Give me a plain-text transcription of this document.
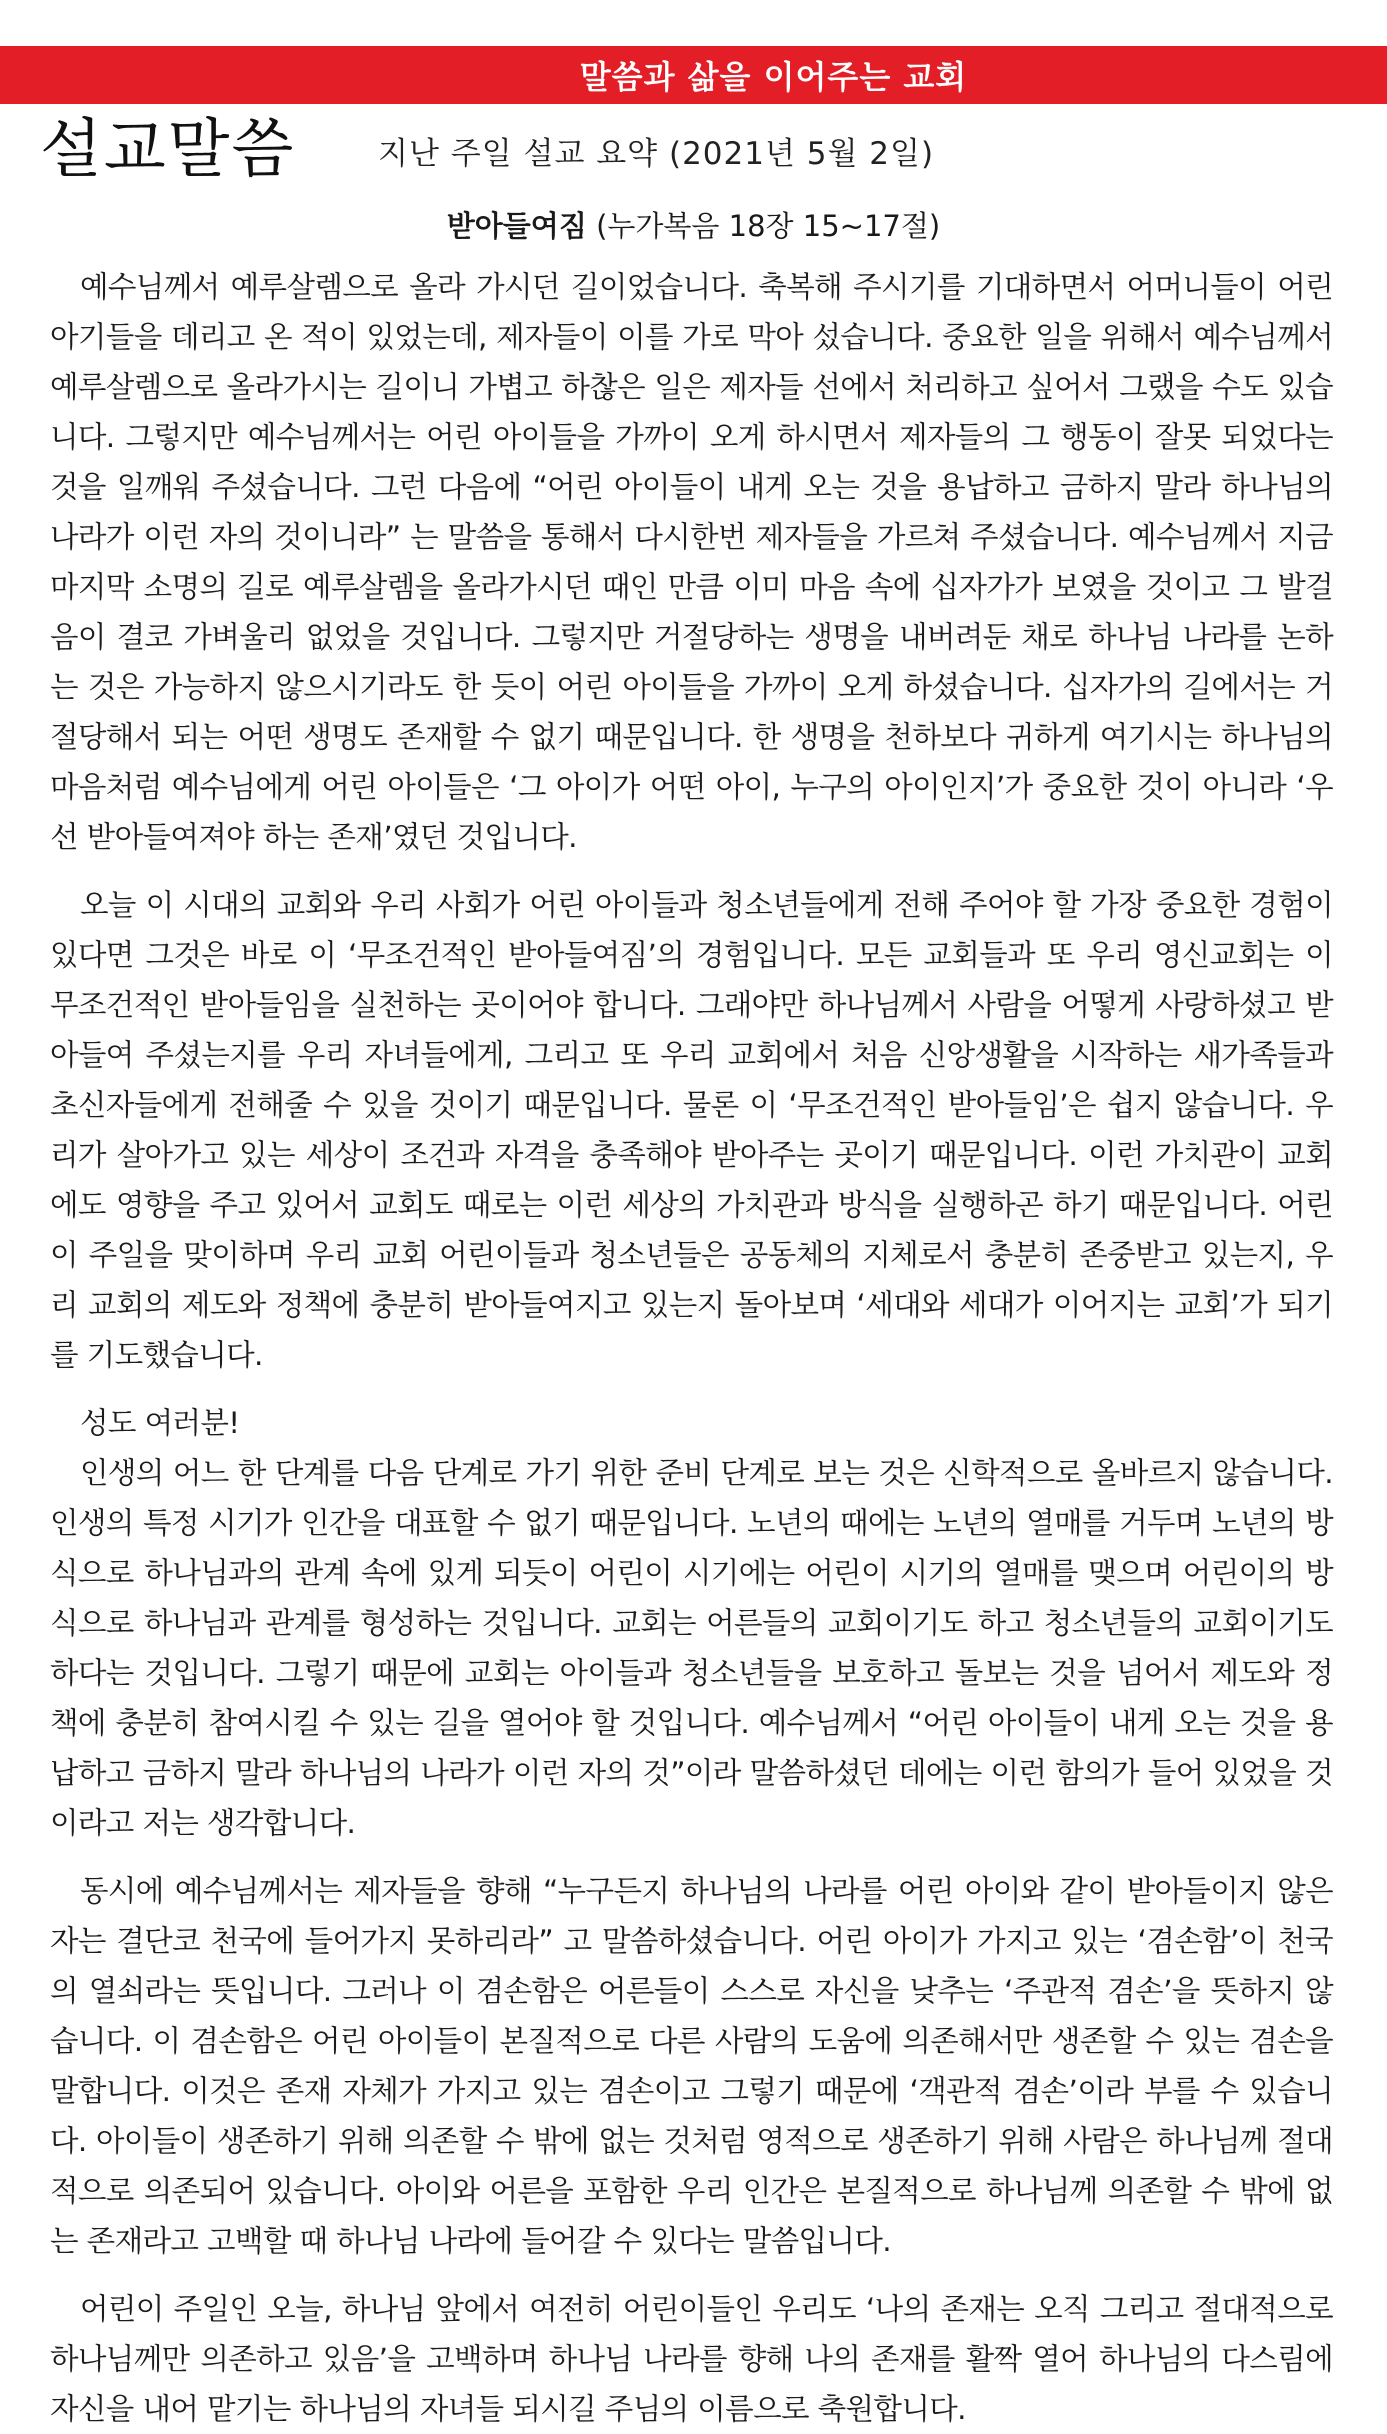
말씀과 삶을 이어주는 교회
설교말씀	지난 주일 설교 요약 (2021년 5월 2일)
받아들여짐 (누가복음 18장 15~17절)

예수님께서 예루살렘으로 올라 가시던 길이었습니다. 축복해 주시기를 기대하면서 어머니들이 어린 아기들을 데리고 온 적이 있었는데, 제자들이 이를 가로 막아 섰습니다. 중요한 일을 위해서 예수님께서 예루살렘으로 올라가시는 길이니 가볍고 하찮은 일은 제자들 선에서 처리하고 싶어서 그랬을 수도 있습니다. 그렇지만 예수님께서는 어린 아이들을 가까이 오게 하시면서 제자들의 그 행동이 잘못 되었다는 것을 일깨워 주셨습니다. 그런 다음에 “어린 아이들이 내게 오는 것을 용납하고 금하지 말라 하나님의 나라가 이런 자의 것이니라” 는 말씀을 통해서 다시한번 제자들을 가르쳐 주셨습니다. 예수님께서 지금 마지막 소명의 길로 예루살렘을 올라가시던 때인 만큼 이미 마음 속에 십자가가 보였을 것이고 그 발걸음이 결코 가벼울리 없었을 것입니다. 그렇지만 거절당하는 생명을 내버려둔 채로 하나님 나라를 논하는 것은 가능하지 않으시기라도 한 듯이 어린 아이들을 가까이 오게 하셨습니다. 십자가의 길에서는 거절당해서 되는 어떤 생명도 존재할 수 없기 때문입니다. 한 생명을 천하보다 귀하게 여기시는 하나님의 마음처럼 예수님에게 어린 아이들은 ‘그 아이가 어떤 아이, 누구의 아이인지’가 중요한 것이 아니라 ‘우선 받아들여져야 하는 존재’였던 것입니다.

오늘 이 시대의 교회와 우리 사회가 어린 아이들과 청소년들에게 전해 주어야 할 가장 중요한 경험이 있다면 그것은 바로 이 ‘무조건적인 받아들여짐’의 경험입니다. 모든 교회들과 또 우리 영신교회는 이 무조건적인 받아들임을 실천하는 곳이어야 합니다. 그래야만 하나님께서 사람을 어떻게 사랑하셨고 받아들여 주셨는지를 우리 자녀들에게, 그리고 또 우리 교회에서 처음 신앙생활을 시작하는 새가족들과 초신자들에게 전해줄 수 있을 것이기 때문입니다. 물론 이 ‘무조건적인 받아들임’은 쉽지 않습니다. 우리가 살아가고 있는 세상이 조건과 자격을 충족해야 받아주는 곳이기 때문입니다. 이런 가치관이 교회에도 영향을 주고 있어서 교회도 때로는 이런 세상의 가치관과 방식을 실행하곤 하기 때문입니다. 어린이 주일을 맞이하며 우리 교회 어린이들과 청소년들은 공동체의 지체로서 충분히 존중받고 있는지, 우리 교회의 제도와 정책에 충분히 받아들여지고 있는지 돌아보며 ‘세대와 세대가 이어지는 교회’가 되기를 기도했습니다.

성도 여러분!

인생의 어느 한 단계를 다음 단계로 가기 위한 준비 단계로 보는 것은 신학적으로 올바르지 않습니다. 인생의 특정 시기가 인간을 대표할 수 없기 때문입니다. 노년의 때에는 노년의 열매를 거두며 노년의 방식으로 하나님과의 관계 속에 있게 되듯이 어린이 시기에는 어린이 시기의 열매를 맺으며 어린이의 방식으로 하나님과 관계를 형성하는 것입니다. 교회는 어른들의 교회이기도 하고 청소년들의 교회이기도 하다는 것입니다. 그렇기 때문에 교회는 아이들과 청소년들을 보호하고 돌보는 것을 넘어서 제도와 정책에 충분히 참여시킬 수 있는 길을 열어야 할 것입니다. 예수님께서 “어린 아이들이 내게 오는 것을 용납하고 금하지 말라 하나님의 나라가 이런 자의 것”이라 말씀하셨던 데에는 이런 함의가 들어 있었을 것이라고 저는 생각합니다.

동시에 예수님께서는 제자들을 향해 “누구든지 하나님의 나라를 어린 아이와 같이 받아들이지 않은 자는 결단코 천국에 들어가지 못하리라” 고 말씀하셨습니다. 어린 아이가 가지고 있는 ‘겸손함’이 천국의 열쇠라는 뜻입니다. 그러나 이 겸손함은 어른들이 스스로 자신을 낮추는 ‘주관적 겸손’을 뜻하지 않습니다. 이 겸손함은 어린 아이들이 본질적으로 다른 사람의 도움에 의존해서만 생존할 수 있는 겸손을 말합니다. 이것은 존재 자체가 가지고 있는 겸손이고 그렇기 때문에 ‘객관적 겸손’이라 부를 수 있습니다. 아이들이 생존하기 위해 의존할 수 밖에 없는 것처럼 영적으로 생존하기 위해 사람은 하나님께 절대적으로 의존되어 있습니다. 아이와 어른을 포함한 우리 인간은 본질적으로 하나님께 의존할 수 밖에 없는 존재라고 고백할 때 하나님 나라에 들어갈 수 있다는 말씀입니다.

어린이 주일인 오늘, 하나님 앞에서 여전히 어린이들인 우리도 ‘나의 존재는 오직 그리고 절대적으로 하나님께만 의존하고 있음’을 고백하며 하나님 나라를 향해 나의 존재를 활짝 열어 하나님의 다스림에 자신을 내어 맡기는 하나님의 자녀들 되시길 주님의 이름으로 축원합니다.
